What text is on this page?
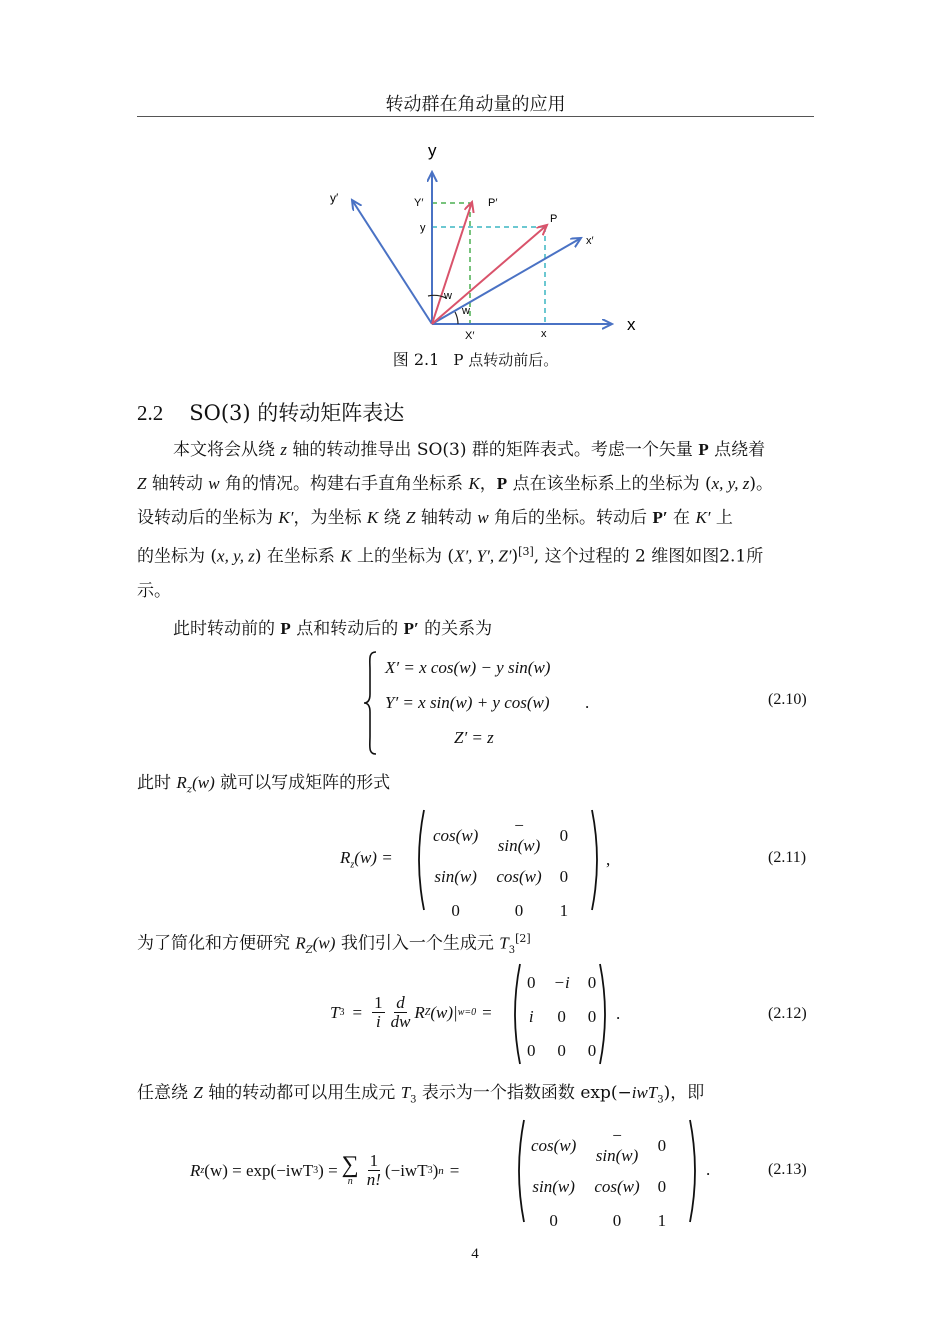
转动群在角动量的应用
y
y′	Y′	P′
P
y
x′
x
w
w
X′	x
图 2.1 P 点转动前后。
2.2 SO(3) 的转动矩阵表达
本文将会从绕 z 轴的转动推导出 SO(3) 群的矩阵表式。考虑一个矢量 P 点绕着
Z 轴转动 w 角的情况。构建右手直角坐标系 K，P 点在该坐标系上的坐标为 (x, y, z)。
设转动后的坐标为 K′，为坐标 K 绕 Z 轴转动 w 角后的坐标。转动后 P′ 在 K′ 上
的坐标为 (x, y, z) 在坐标系 K 上的坐标为 (X′, Y′, Z′)[3], 这个过程的 2 维图如图2.1所
示。
此时转动前的 P 点和转动后的 P′ 的关系为
X′ = x cos(w) − y sin(w)
Y′ = x sin(w) + y cos(w)
Z′ = z
.	(2.10)
此时 $R_z(w)$ 就可以写成矩阵的形式
$R_z(w)$ =
cos(w)	− sin(w)	0
sin(w)	cos(w)	0
0	0	1
,	(2.11)
为了简化和方便研究 $R_Z(w)$ 我们引入一个生成元 $T_3[2]$
T $3 = \frac{1}{i} \frac{d}{dw}$ R Z (w)| w=0 =
0	−i	0
i	0	0
0	0	0
.	(2.12)
任意绕 Z 轴的转动都可以用生成元 $T_3$ 表示为一个指数函数 exp(−iwT$_3$)，即
R z (w) = exp(−iwT 3 ) = ∑
n $\frac{1}{n!} (-iwT$ 3 ) n =
cos(w)	− sin(w)	0
sin(w)	cos(w)	0
0	0	1
.	(2.13)
4
